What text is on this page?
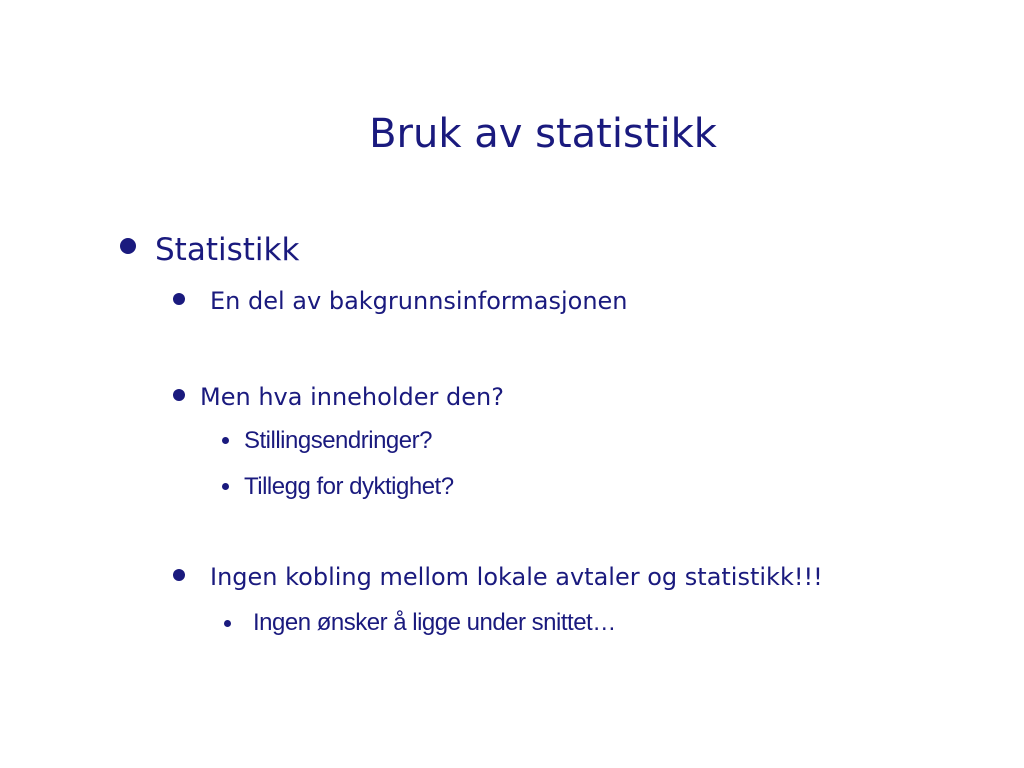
Bruk av statistikk
Statistikk
En del av bakgrunnsinformasjonen
Men hva inneholder den?
Stillingsendringer?
Tillegg for dyktighet?
Ingen kobling mellom lokale avtaler og statistikk!!!
Ingen ønsker å ligge under snittet…
